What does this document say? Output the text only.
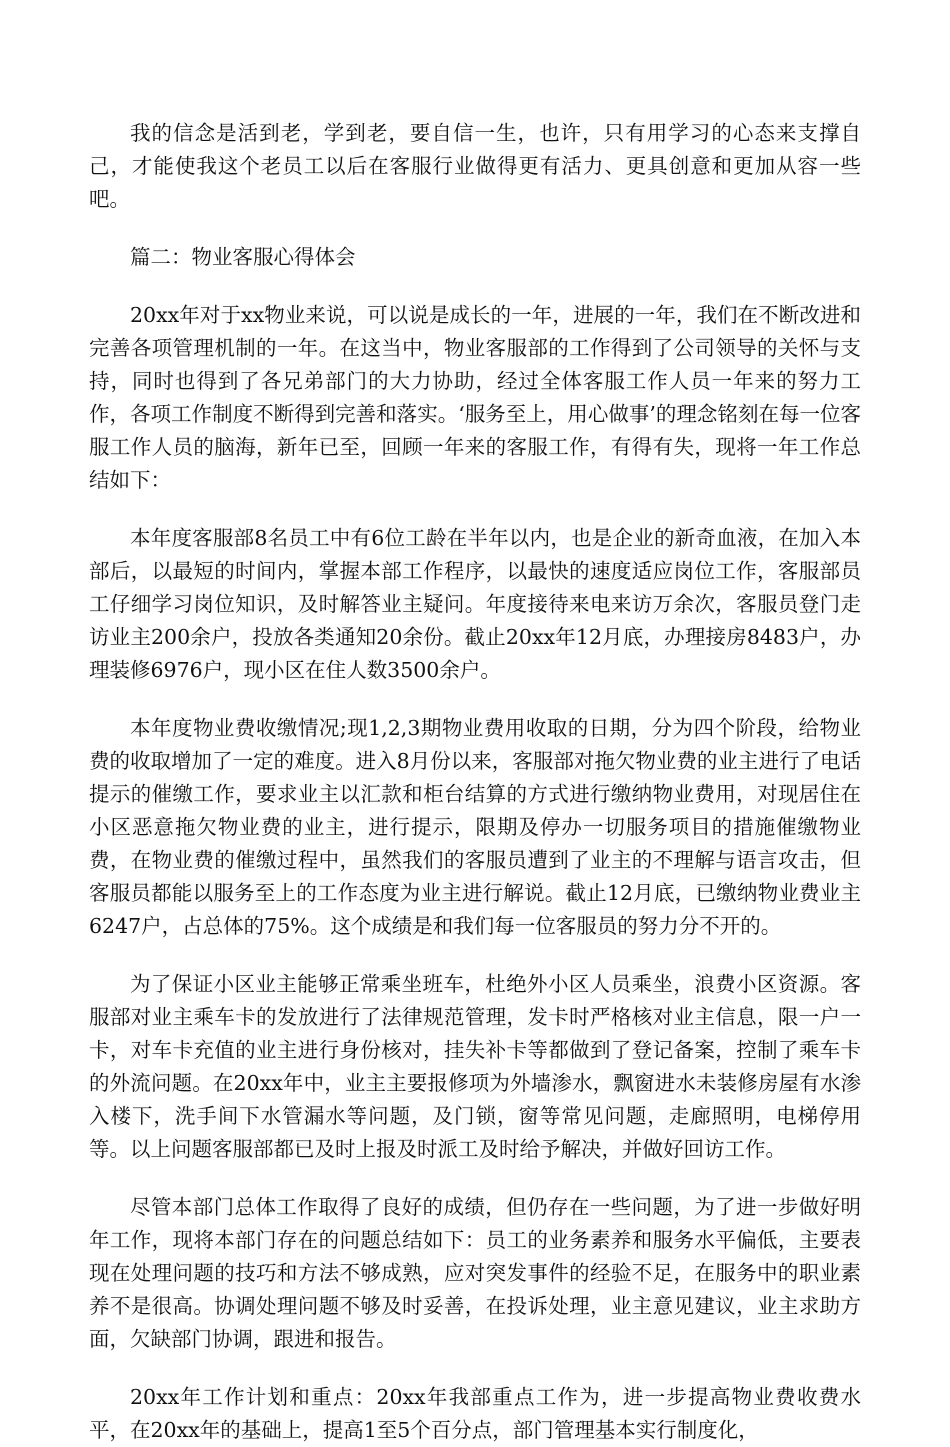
我的信念是活到老，学到老，要自信一生，也许，只有用学习的心态来支撑自己，才能使我这个老员工以后在客服行业做得更有活力、更具创意和更加从容一些吧。

篇二：物业客服心得体会

20xx年对于xx物业来说，可以说是成长的一年，进展的一年，我们在不断改进和完善各项管理机制的一年。在这当中，物业客服部的工作得到了公司领导的关怀与支持，同时也得到了各兄弟部门的大力协助，经过全体客服工作人员一年来的努力工作，各项工作制度不断得到完善和落实。‘服务至上，用心做事’的理念铭刻在每一位客服工作人员的脑海，新年已至，回顾一年来的客服工作，有得有失，现将一年工作总结如下：

本年度客服部8名员工中有6位工龄在半年以内，也是企业的新奇血液，在加入本部后，以最短的时间内，掌握本部工作程序，以最快的速度适应岗位工作，客服部员工仔细学习岗位知识，及时解答业主疑问。年度接待来电来访万余次，客服员登门走访业主200余户，投放各类通知20余份。截止20xx年12月底，办理接房8483户，办理装修6976户，现小区在住人数3500余户。

本年度物业费收缴情况;现1,2,3期物业费用收取的日期，分为四个阶段，给物业费的收取增加了一定的难度。进入8月份以来，客服部对拖欠物业费的业主进行了电话提示的催缴工作，要求业主以汇款和柜台结算的方式进行缴纳物业费用，对现居住在小区恶意拖欠物业费的业主，进行提示，限期及停办一切服务项目的措施催缴物业费，在物业费的催缴过程中，虽然我们的客服员遭到了业主的不理解与语言攻击，但客服员都能以服务至上的工作态度为业主进行解说。截止12月底，已缴纳物业费业主6247户，占总体的75%。这个成绩是和我们每一位客服员的努力分不开的。

为了保证小区业主能够正常乘坐班车，杜绝外小区人员乘坐，浪费小区资源。客服部对业主乘车卡的发放进行了法律规范管理，发卡时严格核对业主信息，限一户一卡，对车卡充值的业主进行身份核对，挂失补卡等都做到了登记备案，控制了乘车卡的外流问题。在20xx年中，业主主要报修项为外墙渗水，飘窗进水未装修房屋有水渗入楼下，洗手间下水管漏水等问题，及门锁，窗等常见问题，走廊照明，电梯停用等。以上问题客服部都已及时上报及时派工及时给予解决，并做好回访工作。

尽管本部门总体工作取得了良好的成绩，但仍存在一些问题，为了进一步做好明年工作，现将本部门存在的问题总结如下：员工的业务素养和服务水平偏低，主要表现在处理问题的技巧和方法不够成熟，应对突发事件的经验不足，在服务中的职业素养不是很高。协调处理问题不够及时妥善，在投诉处理，业主意见建议，业主求助方面，欠缺部门协调，跟进和报告。

20xx年工作计划和重点：20xx年我部重点工作为，进一步提高物业费收费水平，在20xx年的基础上，提高1至5个百分点，部门管理基本实行制度化，
